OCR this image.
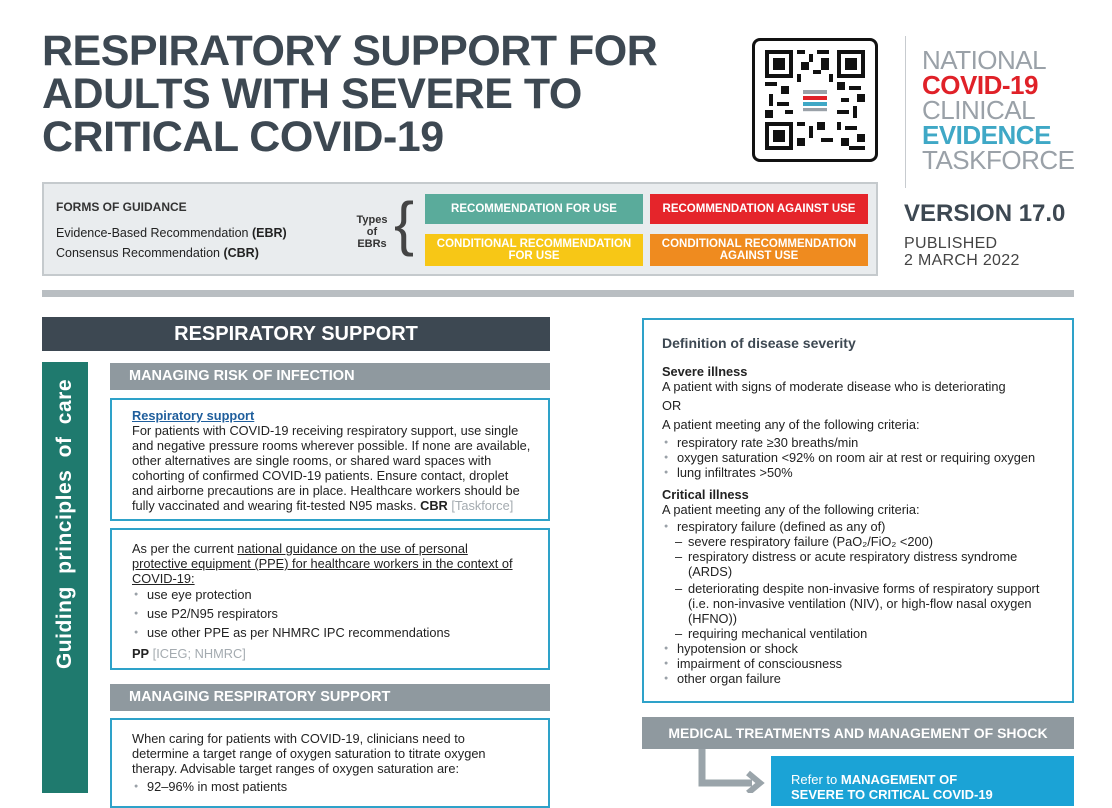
RESPIRATORY SUPPORT FOR
ADULTS WITH SEVERE TO
CRITICAL COVID-19
NATIONAL
COVID-19
CLINICAL
EVIDENCE
TASKFORCE
FORMS OF GUIDANCE
Evidence-Based Recommendation (EBR)
Consensus Recommendation (CBR)
Types
of
EBRs {	RECOMMENDATION FOR USE	RECOMMENDATION AGAINST USE
CONDITIONAL RECOMMENDATION FOR USE
CONDITIONAL RECOMMENDATION AGAINST USE
VERSION 17.0
PUBLISHED
2 MARCH 2022
RESPIRATORY SUPPORT
Guiding principles of care
MANAGING RISK OF INFECTION
Respiratory support
For patients with COVID-19 receiving respiratory support, use single
and negative pressure rooms wherever possible. If none are available,
other alternatives are single rooms, or shared ward spaces with
cohorting of confirmed COVID-19 patients. Ensure contact, droplet
and airborne precautions are in place. Healthcare workers should be
fully vaccinated and wearing fit-tested N95 masks. CBR [Taskforce]
As per the current national guidance on the use of personal
protective equipment (PPE) for healthcare workers in the context of
COVID-19:
● use eye protection
● use P2/N95 respirators
● use other PPE as per NHMRC IPC recommendations
PP [ICEG; NHMRC]
MANAGING RESPIRATORY SUPPORT
When caring for patients with COVID-19, clinicians need to
determine a target range of oxygen saturation to titrate oxygen
therapy. Advisable target ranges of oxygen saturation are:
● 92–96% in most patients
Definition of disease severity
Severe illness
A patient with signs of moderate disease who is deteriorating
OR
A patient meeting any of the following criteria:
● respiratory rate ≥30 breaths/min
● oxygen saturation <92% on room air at rest or requiring oxygen
● lung infiltrates >50%
Critical illness
A patient meeting any of the following criteria:
● respiratory failure (defined as any of)
– severe respiratory failure (PaO₂/FiO₂ <200)
– respiratory distress or acute respiratory distress syndrome
(ARDS)
– deteriorating despite non-invasive forms of respiratory support
(i.e. non-invasive ventilation (NIV), or high-flow nasal oxygen
(HFNO))
– requiring mechanical ventilation
● hypotension or shock
● impairment of consciousness
● other organ failure
MEDICAL TREATMENTS AND MANAGEMENT OF SHOCK
Refer to MANAGEMENT OF
SEVERE TO CRITICAL COVID-19
